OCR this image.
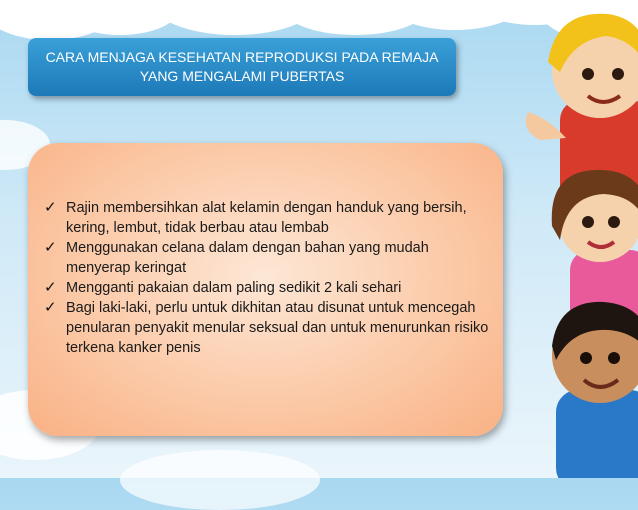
CARA MENJAGA KESEHATAN REPRODUKSI PADA REMAJA YANG MENGALAMI PUBERTAS
✓ Rajin membersihkan alat kelamin dengan handuk yang bersih, kering, lembut, tidak berbau atau lembab
✓ Menggunakan celana dalam dengan bahan yang mudah menyerap keringat
✓ Mengganti pakaian dalam paling sedikit 2 kali sehari
✓ Bagi laki-laki, perlu untuk dikhitan atau disunat untuk mencegah penularan penyakit menular seksual dan untuk menurunkan risiko terkena kanker penis
